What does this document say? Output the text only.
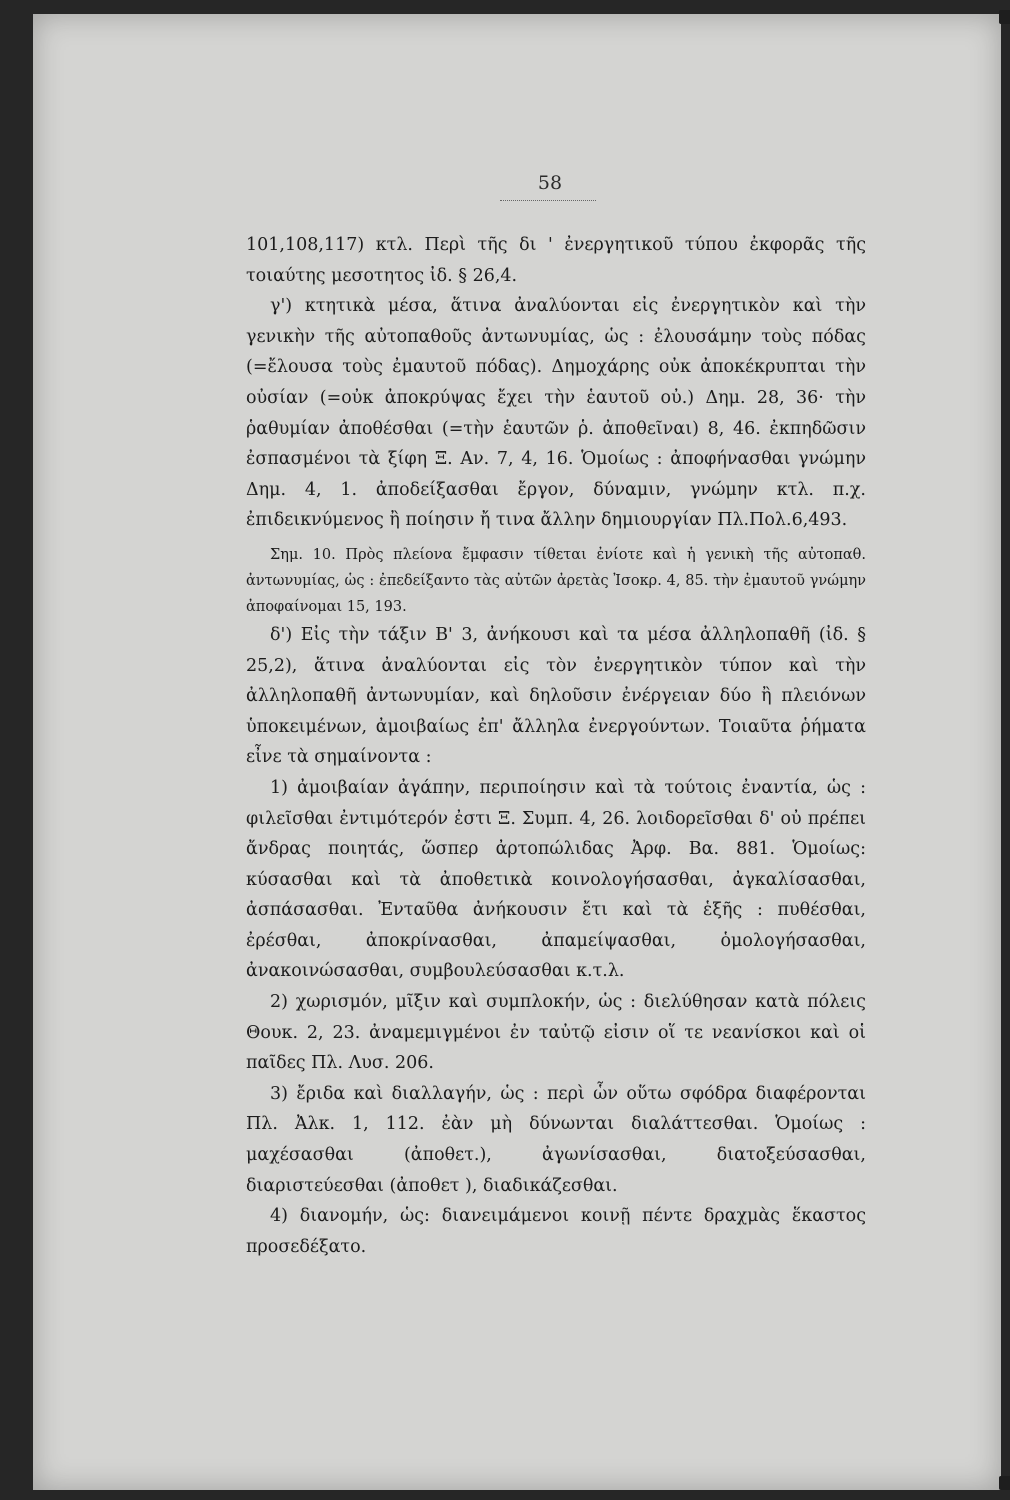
58

101,108,117) κτλ. Περὶ τῆς δι ' ἐνεργητικοῦ τύπου ἐκφορᾶς τῆς τοιαύτης μεσοτητος ἰδ. § 26,4.

γ') κτητικὰ μέσα, ἅτινα ἀναλύονται εἰς ἐνεργητικὸν καὶ τὴν γενικὴν τῆς αὐτοπαθοῦς ἀντωνυμίας, ὡς : ἐλουσάμην τοὺς πόδας (=ἔλουσα τοὺς ἐμαυτοῦ πόδας). Δημοχάρης οὐκ ἀποκέκρυπται τὴν οὐσίαν (=οὐκ ἀποκρύψας ἔχει τὴν ἑαυτοῦ οὐ.) Δημ. 28, 36· τὴν ῥαθυμίαν ἀποθέσθαι (=τὴν ἑαυτῶν ῥ. ἀποθεῖναι) 8, 46. ἐκπηδῶσιν ἐσπασμένοι τὰ ξίφη Ξ. Αν. 7, 4, 16. Ὁμοίως : ἀποφήνασθαι γνώμην Δημ. 4, 1. ἀποδείξασθαι ἔργον, δύναμιν, γνώμην κτλ. π.χ. ἐπιδεικνύμενος ἢ ποίησιν ἤ τινα ἄλλην δημιουργίαν Πλ.Πολ.6,493.

Σημ. 10. Πρὸς πλείονα ἔμφασιν τίθεται ἐνίοτε καὶ ἡ γενικὴ τῆς αὐτοπαθ. ἀντωνυμίας, ὡς : ἐπεδείξαντο τὰς αὐτῶν ἀρετὰς Ἰσοκρ. 4, 85. τὴν ἐμαυτοῦ γνώμην ἀποφαίνομαι 15, 193.

δ') Εἰς τὴν τάξιν Β' 3, ἀνήκουσι καὶ τα μέσα ἀλληλοπαθῆ (ἰδ. § 25,2), ἅτινα ἀναλύονται εἰς τὸν ἐνεργητικὸν τύπον καὶ τὴν ἀλληλοπαθῆ ἀντωνυμίαν, καὶ δηλοῦσιν ἐνέργειαν δύο ἢ πλειόνων ὑποκειμένων, ἀμοιβαίως ἐπ' ἄλληλα ἐνεργούντων. Τοιαῦτα ῥήματα εἶνε τὰ σημαίνοντα :

1) ἀμοιβαίαν ἀγάπην, περιποίησιν καὶ τὰ τούτοις ἐναντία, ὡς : φιλεῖσθαι ἐντιμότερόν ἐστι Ξ. Συμπ. 4, 26. λοιδορεῖσθαι δ' οὐ πρέπει ἄνδρας ποιητάς, ὥσπερ ἀρτοπώλιδας Ἀρφ. Βα. 881. Ὁμοίως: κύσασθαι καὶ τὰ ἀποθετικὰ κοινολογήσασθαι, ἀγκαλίσασθαι, ἀσπάσασθαι. Ἐνταῦθα ἀνήκουσιν ἔτι καὶ τὰ ἑξῆς : πυθέσθαι, ἐρέσθαι, ἀποκρίνασθαι, ἀπαμείψασθαι, ὁμολογήσασθαι, ἀνακοινώσασθαι, συμβουλεύσασθαι κ.τ.λ.

2) χωρισμόν, μῖξιν καὶ συμπλοκήν, ὡς : διελύθησαν κατὰ πόλεις Θουκ. 2, 23. ἀναμεμιγμένοι ἐν ταὐτῷ εἰσιν οἵ τε νεανίσκοι καὶ οἱ παῖδες Πλ. Λυσ. 206.

3) ἔριδα καὶ διαλλαγήν, ὡς : περὶ ὧν οὕτω σφόδρα διαφέρονται Πλ. Ἀλκ. 1, 112. ἐὰν μὴ δύνωνται διαλάττεσθαι. Ὁμοίως : μαχέσασθαι (ἀποθετ.), ἀγωνίσασθαι, διατοξεύσασθαι, διαριστεύεσθαι (ἀποθετ ), διαδικάζεσθαι.

4) διανομήν, ὡς: διανειμάμενοι κοινῇ πέντε δραχμὰς ἕκαστος προσεδέξατο.
